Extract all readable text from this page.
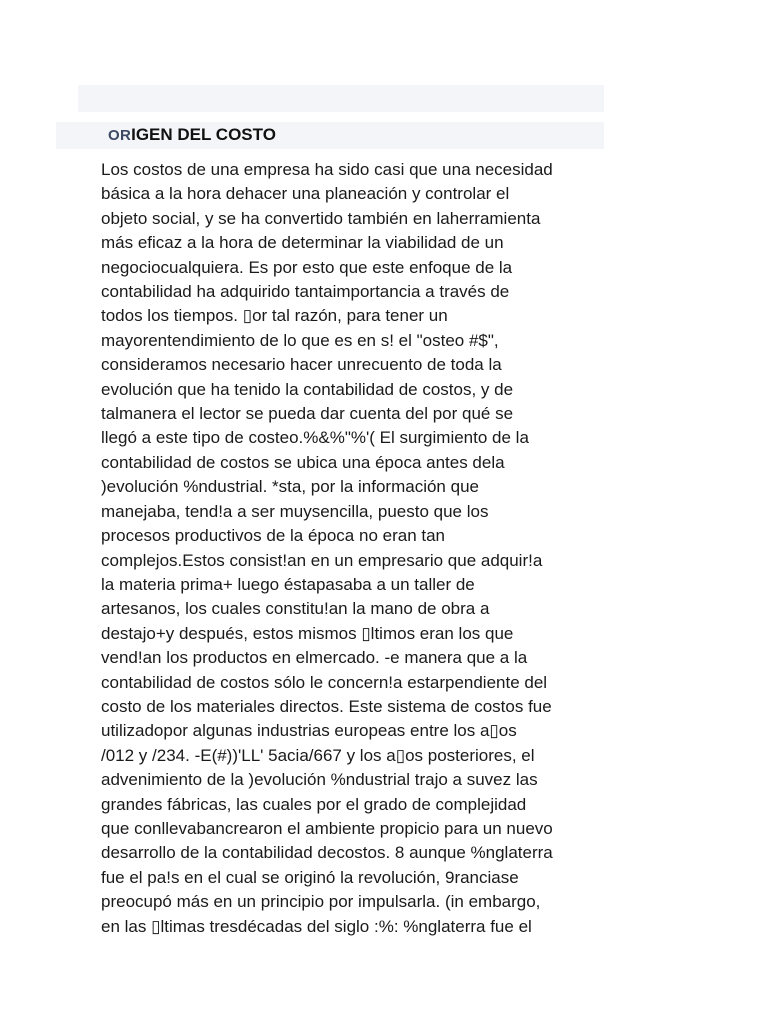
ORIGEN DEL COSTO
Los costos de una empresa ha sido casi que una necesidad
básica a la hora dehacer una planeación y controlar el
objeto social, y se ha convertido también en laherramienta
más eficaz a la hora de determinar la viabilidad de un
negociocualquiera. Es por esto que este enfoque de la
contabilidad ha adquirido tantaimportancia a través de
todos los tiempos. ▯or tal razón, para tener un
mayorentendimiento de lo que es en s! el "osteo #$",
consideramos necesario hacer unrecuento de toda la
evolución que ha tenido la contabilidad de costos, y de
talmanera el lector se pueda dar cuenta del por qué se
llegó a este tipo de costeo.%&%"%'( El surgimiento de la
contabilidad de costos se ubica una época antes dela
)evolución %ndustrial. *sta, por la información que
manejaba, tend!a a ser muysencilla, puesto que los
procesos productivos de la época no eran tan
complejos.Estos consist!an en un empresario que adquir!a
la materia prima+ luego éstapasaba a un taller de
artesanos, los cuales constitu!an la mano de obra a
destajo+y después, estos mismos ▯ltimos eran los que
vend!an los productos en elmercado. -e manera que a la
contabilidad de costos sólo le concern!a estarpendiente del
costo de los materiales directos. Este sistema de costos fue
utilizadopor algunas industrias europeas entre los a▯os
/012 y /234. -E(#))'LL' 5acia/667 y los a▯os posteriores, el
advenimiento de la )evolución %ndustrial trajo a suvez las
grandes fábricas, las cuales por el grado de complejidad
que conllevabancrearon el ambiente propicio para un nuevo
desarrollo de la contabilidad decostos. 8 aunque %nglaterra
fue el pa!s en el cual se originó la revolución, 9ranciase
preocupó más en un principio por impulsarla. (in embargo,
en las ▯ltimas tresdécadas del siglo :%: %nglaterra fue el
